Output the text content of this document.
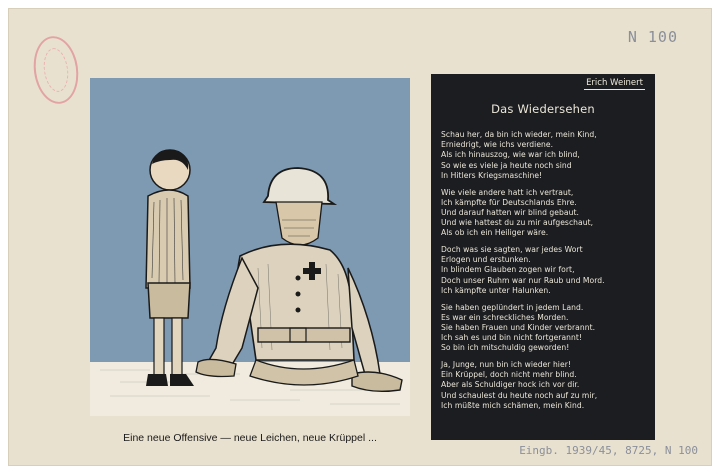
N 100
Eine neue Offensive — neue Leichen, neue Krüppel ...
Erich Weinert
Das Wiedersehen
Schau her, da bin ich wieder, mein Kind,
Erniedrigt, wie ichs verdiene.
Als ich hinauszog, wie war ich blind,
So wie es viele ja heute noch sind
In Hitlers Kriegsmaschine!
Wie viele andere hatt ich vertraut,
Ich kämpfte für Deutschlands Ehre.
Und darauf hatten wir blind gebaut.
Und wie hattest du zu mir aufgeschaut,
Als ob ich ein Heiliger wäre.
Doch was sie sagten, war jedes Wort
Erlogen und erstunken.
In blindem Glauben zogen wir fort,
Doch unser Ruhm war nur Raub und Mord.
Ich kämpfte unter Halunken.
Sie haben geplündert in jedem Land.
Es war ein schreckliches Morden.
Sie haben Frauen und Kinder verbrannt.
Ich sah es und bin nicht fortgerannt!
So bin ich mitschuldig geworden!
Ja, Junge, nun bin ich wieder hier!
Ein Krüppel, doch nicht mehr blind.
Aber als Schuldiger hock ich vor dir.
Und schaulest du heute noch auf zu mir,
Ich müßte mich schämen, mein Kind.
Eingb. 1939/45, 8725, N 100
